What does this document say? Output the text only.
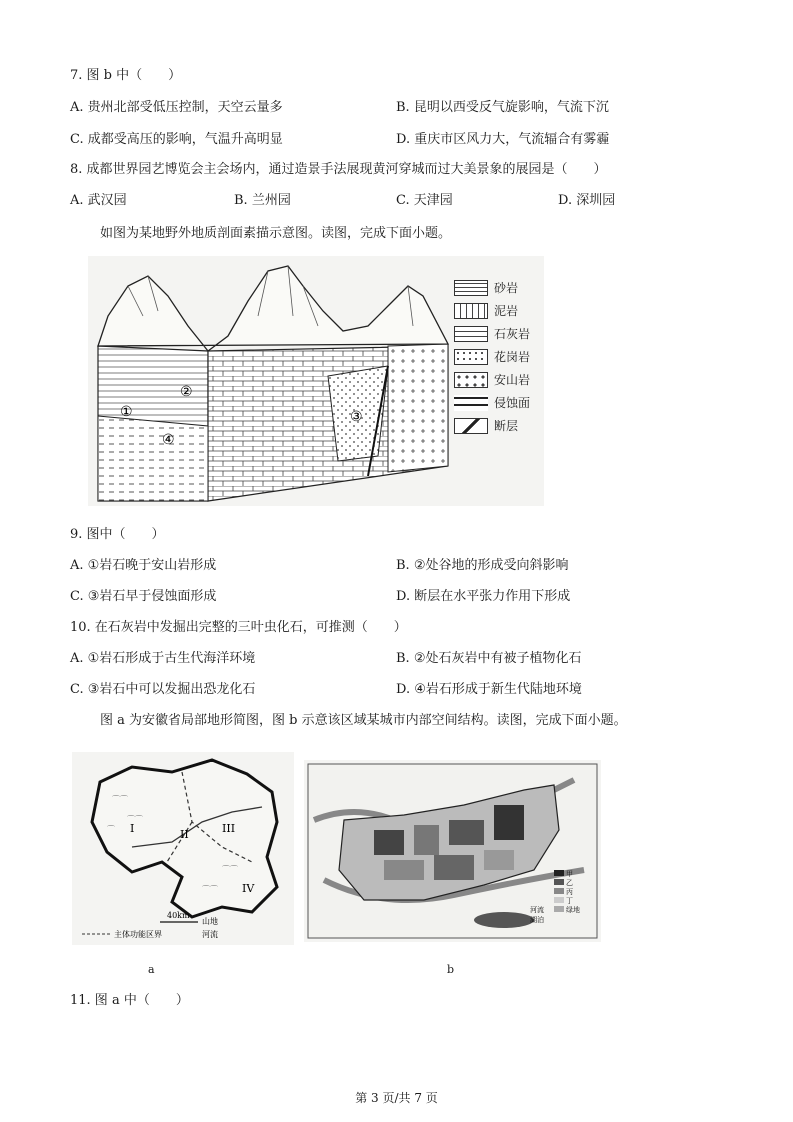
7. 图 b 中（　　）
A. 贵州北部受低压控制，天空云量多	B. 昆明以西受反气旋影响，气流下沉
C. 成都受高压的影响，气温升高明显	D. 重庆市区风力大，气流辐合有雾霾
8. 成都世界园艺博览会主会场内，通过造景手法展现黄河穿城而过大美景象的展园是（　　）
A. 武汉园	B. 兰州园	C. 天津园	D. 深圳园
如图为某地野外地质剖面素描示意图。读图，完成下面小题。
①
②
③
④
砂岩
泥岩
石灰岩
花岗岩
安山岩
侵蚀面
断层
9. 图中（　　）
A. ①岩石晚于安山岩形成	B. ②处谷地的形成受向斜影响
C. ③岩石早于侵蚀面形成	D. 断层在水平张力作用下形成
10. 在石灰岩中发掘出完整的三叶虫化石，可推测（　　）
A. ①岩石形成于古生代海洋环境	B. ②处石灰岩中有被子植物化石
C. ③岩石中可以发掘出恐龙化石	D. ④岩石形成于新生代陆地环境
图 a 为安徽省局部地形简图，图 b 示意该区域某城市内部空间结构。读图，完成下面小题。
⌒⌒
⌒⌒
⌒⌒
⌒⌒
⌒ I	II	III
IV
40km
山地
主体功能区界	河流
a
甲
乙
丙
丁
绿地
河流
湖泊
b
11. 图 a 中（　　）
第 3 页/共 7 页
